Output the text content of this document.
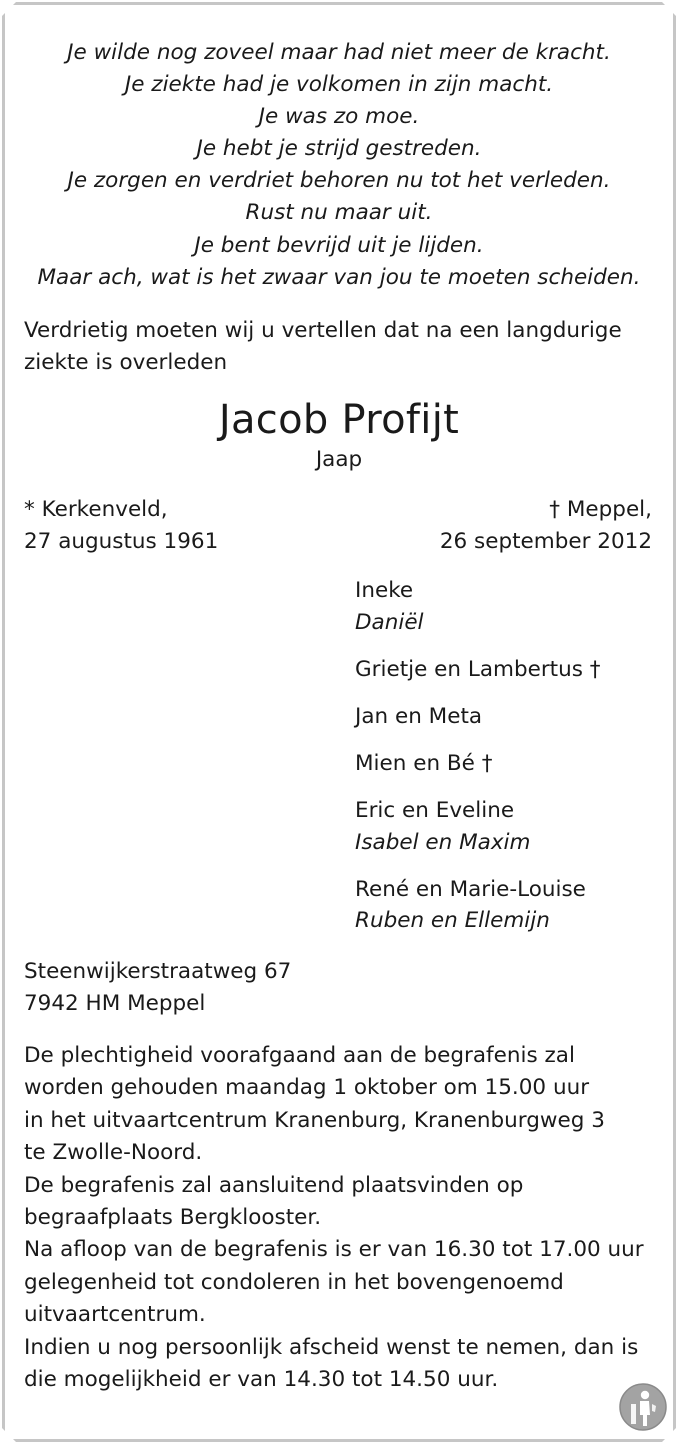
Je wilde nog zoveel maar had niet meer de kracht.
Je ziekte had je volkomen in zijn macht.
Je was zo moe.
Je hebt je strijd gestreden.
Je zorgen en verdriet behoren nu tot het verleden.
Rust nu maar uit.
Je bent bevrijd uit je lijden.
Maar ach, wat is het zwaar van jou te moeten scheiden.
Verdrietig moeten wij u vertellen dat na een langdurige
ziekte is overleden
Jacob Profijt
Jaap
* Kerkenveld,
27 augustus 1961
† Meppel,
26 september 2012
Ineke
Daniël
Grietje en Lambertus †
Jan en Meta
Mien en Bé †
Eric en Eveline
Isabel en Maxim
René en Marie-Louise
Ruben en Ellemijn
Steenwijkerstraatweg 67
7942 HM Meppel
De plechtigheid voorafgaand aan de begrafenis zal
worden gehouden maandag 1 oktober om 15.00 uur
in het uitvaartcentrum Kranenburg, Kranenburgweg 3
te Zwolle-Noord.
De begrafenis zal aansluitend plaatsvinden op
begraafplaats Bergklooster.
Na afloop van de begrafenis is er van 16.30 tot 17.00 uur
gelegenheid tot condoleren in het bovengenoemd
uitvaartcentrum.
Indien u nog persoonlijk afscheid wenst te nemen, dan is
die mogelijkheid er van 14.30 tot 14.50 uur.
